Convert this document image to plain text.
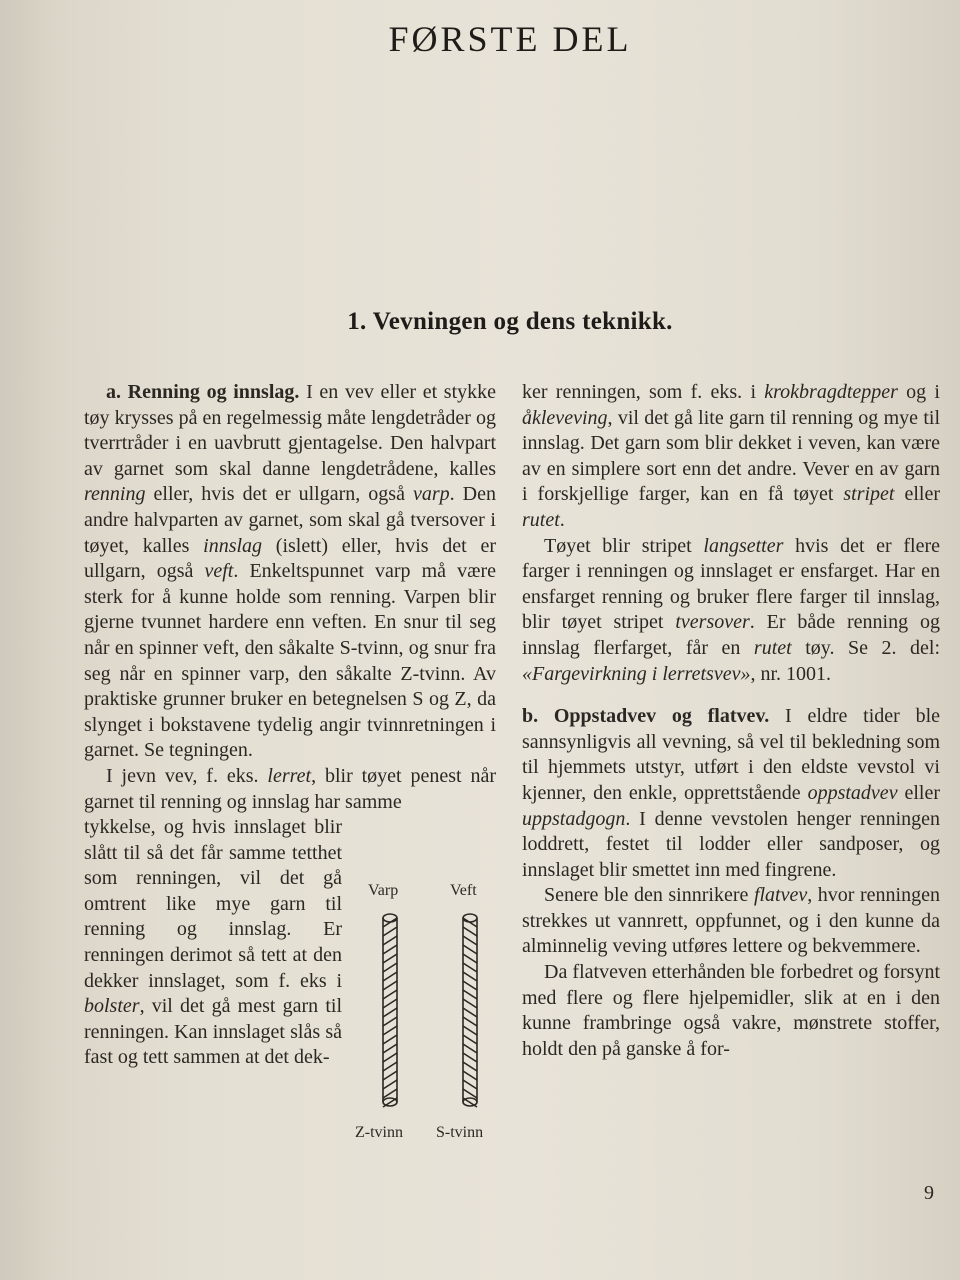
FØRSTE DEL
1. Vevningen og dens teknikk.

a. Renning og innslag. I en vev eller et stykke tøy krysses på en regelmessig måte lengdetråder og tverrtråder i en uavbrutt gjentagelse. Den halvpart av garnet som skal danne lengdetrådene, kalles renning eller, hvis det er ullgarn, også varp. Den andre halvparten av garnet, som skal gå tversover i tøyet, kalles innslag (islett) eller, hvis det er ullgarn, også veft. Enkeltspunnet varp må være sterk for å kunne holde som renning. Varpen blir gjerne tvunnet hardere enn veften. En snur til seg når en spinner veft, den såkalte S-tvinn, og snur fra seg når en spinner varp, den såkalte Z-tvinn. Av praktiske grunner bruker en betegnelsen S og Z, da slynget i bokstavene tydelig angir tvinnretningen i garnet. Se tegningen.

I jevn vev, f. eks. lerret, blir tøyet penest når garnet til renning og innslag har samme

tykkelse, og hvis innslaget blir slått til så det får samme tetthet som renningen, vil det gå omtrent like mye garn til renning og innslag. Er renningen derimot så tett at den dekker innslaget, som f. eks i bolster, vil det gå mest garn til renningen. Kan innslaget slås så fast og tett sammen at det dek-

Varp	Veft
Z-tvinn S-tvinn

ker renningen, som f. eks. i krokbragdtepper og i åkleveving, vil det gå lite garn til renning og mye til innslag. Det garn som blir dekket i veven, kan være av en simplere sort enn det andre. Vever en av garn i forskjellige farger, kan en få tøyet stripet eller rutet.

Tøyet blir stripet langsetter hvis det er flere farger i renningen og innslaget er ensfarget. Har en ensfarget renning og bruker flere farger til innslag, blir tøyet stripet tversover. Er både renning og innslag flerfarget, får en rutet tøy. Se 2. del: «Fargevirkning i lerretsvev», nr. 1001.

b. Oppstadvev og flatvev. I eldre tider ble sannsynligvis all vevning, så vel til bekledning som til hjemmets utstyr, utført i den eldste vevstol vi kjenner, den enkle, opprettstående oppstadvev eller uppstadgogn. I denne vevstolen henger renningen loddrett, festet til lodder eller sandposer, og innslaget blir smettet inn med fingrene.

Senere ble den sinnrikere flatvev, hvor renningen strekkes ut vannrett, oppfunnet, og i den kunne da alminnelig veving utføres lettere og bekvemmere.

Da flatveven etterhånden ble forbedret og forsynt med flere og flere hjelpemidler, slik at en i den kunne frambringe også vakre, mønstrete stoffer, holdt den på ganske å for-

9
